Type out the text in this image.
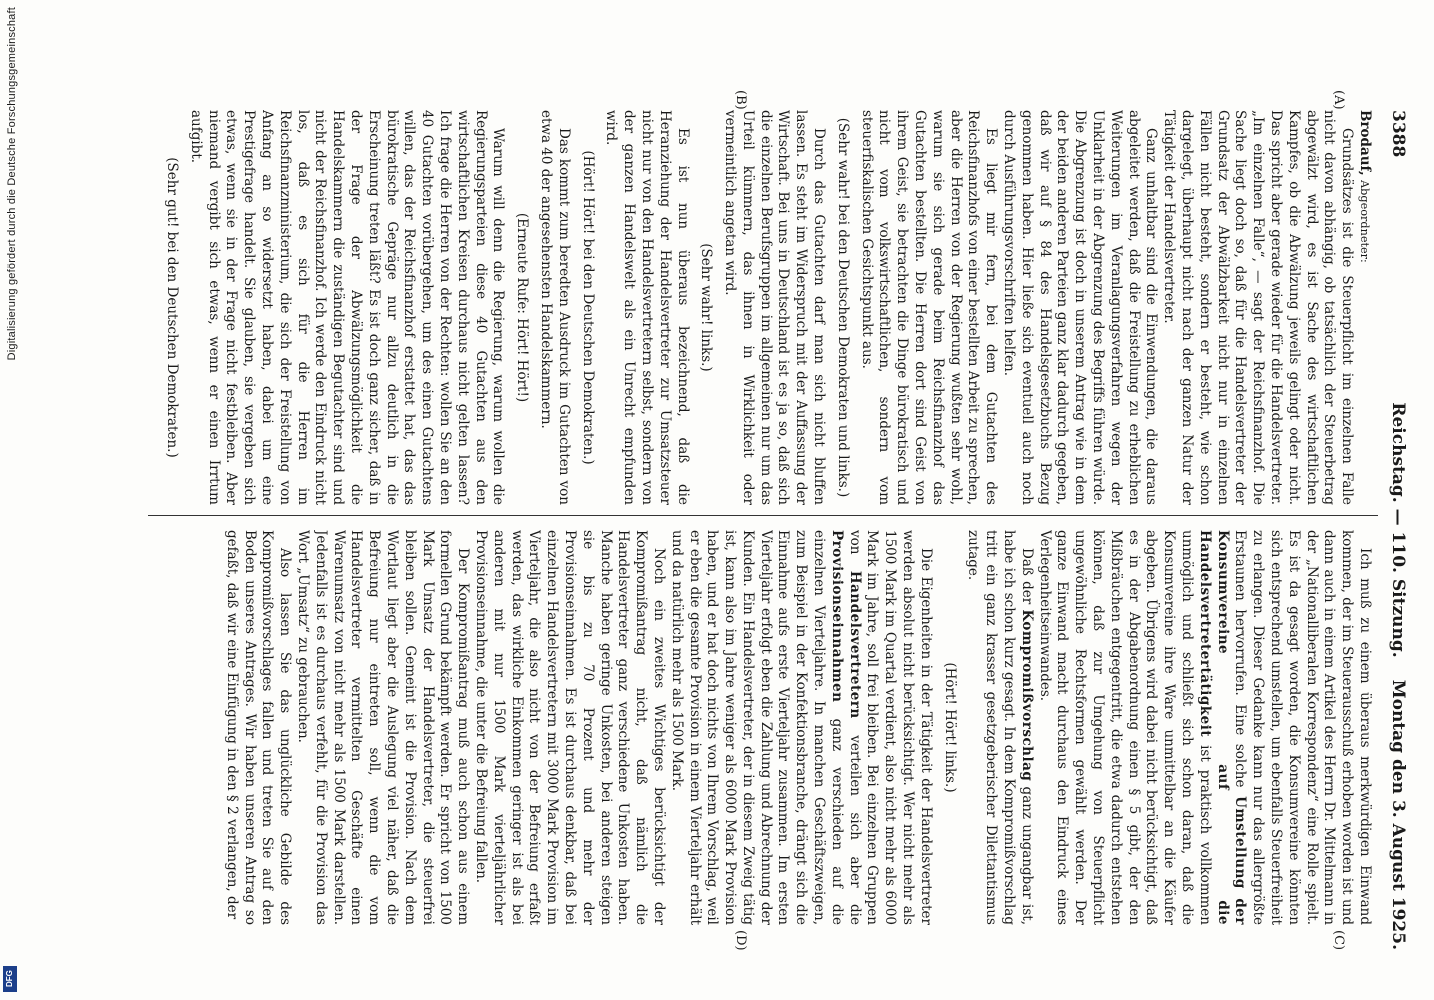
Digitalisierung gefördert durch die Deutsche Forschungsgemeinschaft
DFG
3388
Reichstag. — 110. Sitzung.
Montag den 3. August 1925.
(A)
(B)
(C)
(D)

Brodauf, Abgeordneter:

Grundsätzes ist die Steuerpflicht im einzelnen Falle nicht davon abhängig, ob tatsächlich der Steuerbetrag abgewälzt wird, es ist Sache des wirtschaftlichen Kampfes, ob die Abwälzung jeweils gelingt oder nicht. Das spricht aber gerade wieder für die Handelsvertreter. „Im einzelnen Falle“, — sagt der Reichsfinanzhof. Die Sache liegt doch so, daß für die Handelsvertreter der Grundsatz der Abwälzbarkeit nicht nur in einzelnen Fällen nicht besteht, sondern er besteht, wie schon dargelegt, überhaupt nicht nach der ganzen Natur der Tätigkeit der Handelsvertreter.

Ganz unhaltbar sind die Einwendungen, die daraus abgeleitet werden, daß die Freistellung zu erheblichen Weiterungen im Veranlagungsverfahren wegen der Unklarheit in der Abgrenzung des Begriffs führen würde. Die Abgrenzung ist doch in unserem Antrag wie in dem der beiden anderen Parteien ganz klar dadurch gegeben, daß wir auf § 84 des Handelsgesetzbuchs Bezug genommen haben. Hier ließe sich eventuell auch noch durch Ausführungsvorschriften helfen.

Es liegt mir fern, bei dem Gutachten des Reichsfinanzhofs von einer bestellten Arbeit zu sprechen, aber die Herren von der Regierung wußten sehr wohl, warum sie sich gerade beim Reichsfinanzhof das Gutachten bestellten. Die Herren dort sind Geist von ihrem Geist, sie betrachten die Dinge bürokratisch und nicht vom volkswirtschaftlichen, sondern vom steuerfiskalischen Gesichtspunkt aus.

(Sehr wahr! bei den Deutschen Demokraten und links.)

Durch das Gutachten darf man sich nicht bluffen lassen. Es steht im Widerspruch mit der Auffassung der Wirtschaft. Bei uns in Deutschland ist es ja so, daß sich die einzelnen Berufsgruppen im allgemeinen nur um das Urteil kümmern, das ihnen in Wirklichkeit oder vermeintlich angetan wird.

(Sehr wahr! links.)

Es ist nun überaus bezeichnend, daß die Heranziehung der Handelsvertreter zur Umsatzsteuer nicht nur von den Handelsvertretern selbst, sondern von der ganzen Handelswelt als ein Unrecht empfunden wird.

(Hört! Hört! bei den Deutschen Demokraten.)

Das kommt zum beredten Ausdruck im Gutachten von etwa 40 der angesehensten Handelskammern.

(Erneute Rufe: Hört! Hört!)

Warum will denn die Regierung, warum wollen die Regierungsparteien diese 40 Gutachten aus den wirtschaftlichen Kreisen durchaus nicht gelten lassen? Ich frage die Herren von der Rechten: wollen Sie an den 40 Gutachten vorübergehen, um des einen Gutachtens willen, das der Reichsfinanzhof erstattet hat, das das bürokratische Gepräge nur allzu deutlich in die Erscheinung treten läßt? Es ist doch ganz sicher, daß in der Frage der Abwälzungsmöglichkeit die Handelskammern die zuständigen Begutachter sind und nicht der Reichsfinanzhof. Ich werde den Eindruck nicht los, daß es sich für die Herren im Reichsfinanzministerium, die sich der Freistellung von Anfang an so widersetzt haben, dabei um eine Prestigefrage handelt. Sie glauben, sie vergeben sich etwas, wenn sie in der Frage nicht festbleiben. Aber niemand vergibt sich etwas, wenn er einen Irrtum aufgibt.

(Sehr gut! bei den Deutschen Demokraten.)

Ich muß zu einem überaus merkwürdigen Einwand kommen, der im Steuerausschuß erhoben worden ist und dann auch in einem Artikel des Herrn Dr. Mittelmann in der „Nationalliberalen Korrespondenz“ eine Rolle spielt. Es ist da gesagt worden, die Konsumvereine könnten sich entsprechend umstellen, um ebenfalls Steuerfreiheit zu erlangen. Dieser Gedanke kann nur das allergrößte Erstaunen hervorrufen. Eine solche Umstellung der Konsumvereine auf die Handelsvertretertätigkeit ist praktisch vollkommen unmöglich und schließt sich schon daran, daß die Konsumvereine ihre Ware unmittelbar an die Käufer abgeben. Übrigens wird dabei nicht berücksichtigt, daß es in der Abgabenordnung einen § 5 gibt, der den Mißbräuchen entgegentritt, die etwa dadurch entstehen können, daß zur Umgehung von Steuerpflicht ungewöhnliche Rechtsformen gewählt werden. Der ganze Einwand macht durchaus den Eindruck eines Verlegenheitseinwandes.

Daß der Kompromißvorschlag ganz ungangbar ist, habe ich schon kurz gesagt. In dem Kompromißvorschlag tritt ein ganz krasser gesetzgeberischer Dilettantismus zutage.

(Hört! Hört! links.)

Die Eigenheiten in der Tätigkeit der Handelsvertreter werden absolut nicht berücksichtigt. Wer nicht mehr als 1500 Mark im Quartal verdient, also nicht mehr als 6000 Mark im Jahre, soll frei bleiben. Bei einzelnen Gruppen von Handelsvertretern verteilen sich aber die Provisionseinnahmen ganz verschieden auf die einzelnen Vierteljahre. In manchen Geschäftszweigen, zum Beispiel in der Konfektionsbranche, drängt sich die Einnahme aufs erste Vierteljahr zusammen. Im ersten Vierteljahr erfolgt eben die Zahlung und Abrechnung der Kunden. Ein Handelsvertreter, der in diesem Zweig tätig ist, kann also im Jahre weniger als 6000 Mark Provision haben, und er hat doch nichts von Ihrem Vorschlag, weil er eben die gesamte Provision in einem Vierteljahr erhält und da natürlich mehr als 1500 Mark.

Noch ein zweites Wichtiges berücksichtigt der Kompromißantrag nicht, daß nämlich die Handelsvertreter ganz verschiedene Unkosten haben. Manche haben geringe Unkosten, bei anderen steigen sie bis zu 70 Prozent und mehr der Provisionseinnahmen. Es ist durchaus denkbar, daß bei einzelnen Handelsvertretern mit 3000 Mark Provision im Vierteljahr, die also nicht von der Befreiung erfaßt werden, das wirkliche Einkommen geringer ist als bei anderen mit nur 1500 Mark vierteljährlicher Provisionseinnahme, die unter die Befreiung fallen.

Der Kompromißantrag muß auch schon aus einem formellen Grund bekämpft werden. Er spricht von 1500 Mark Umsatz der Handelsvertreter, die steuerfrei bleiben sollen. Gemeint ist die Provision. Nach dem Wortlaut liegt aber die Auslegung viel näher, daß die Befreiung nur eintreten soll, wenn die vom Handelsvertreter vermittelten Geschäfte einen Warenumsatz von nicht mehr als 1500 Mark darstellen. Jedenfalls ist es durchaus verfehlt, für die Provision das Wort „Umsatz“ zu gebrauchen.

Also lassen Sie das unglückliche Gebilde des Kompromißvorschlages fallen und treten Sie auf den Boden unseres Antrages. Wir haben unseren Antrag so gefaßt, daß wir eine Einfügung in den § 2 verlangen, der
